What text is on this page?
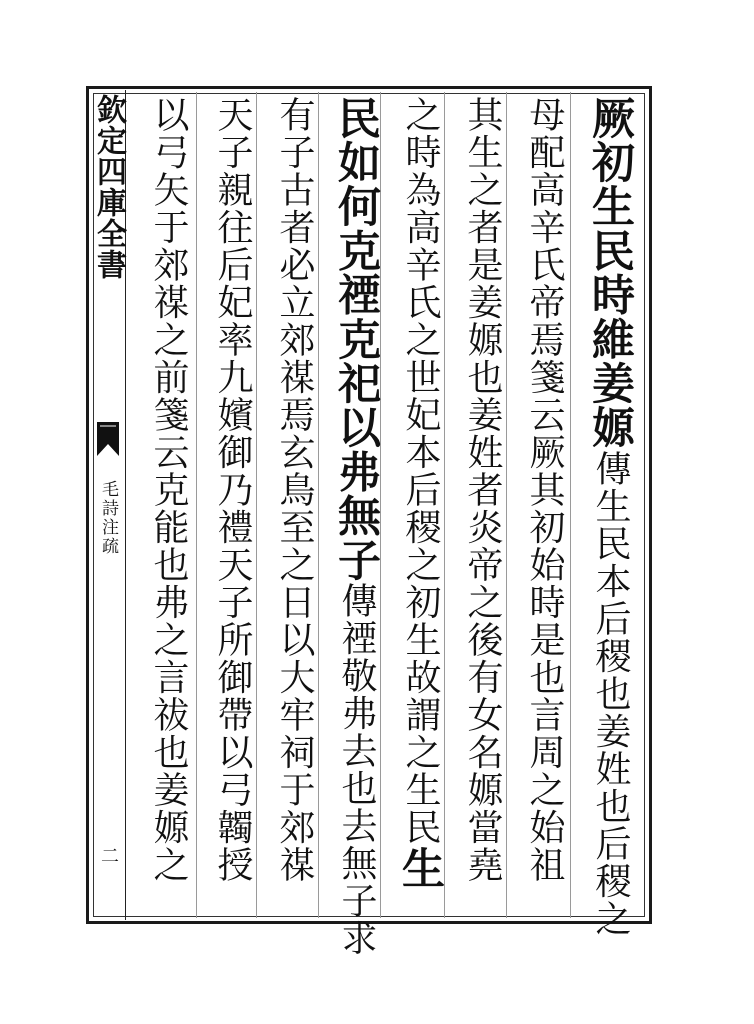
欽定四庫全書
毛詩注疏
二
厥初生民時維姜嫄
傳生民本后稷也姜姓也后稷之
母配高辛氏帝焉箋云厥其初始時是也言周之始祖
其生之者是姜嫄也姜姓者炎帝之後有女名嫄當堯
之時為高辛氏之世妃本后稷之初生故謂之生民
生
民如何克禋克祀以弗無子
傳禋敬弗去也去無子求
有子古者必立郊禖焉玄鳥至之日以大牢祠于郊禖
天子親往后妃率九嬪御乃禮天子所御帶以弓韣授
以弓矢于郊禖之前箋云克能也弗之言祓也姜嫄之
